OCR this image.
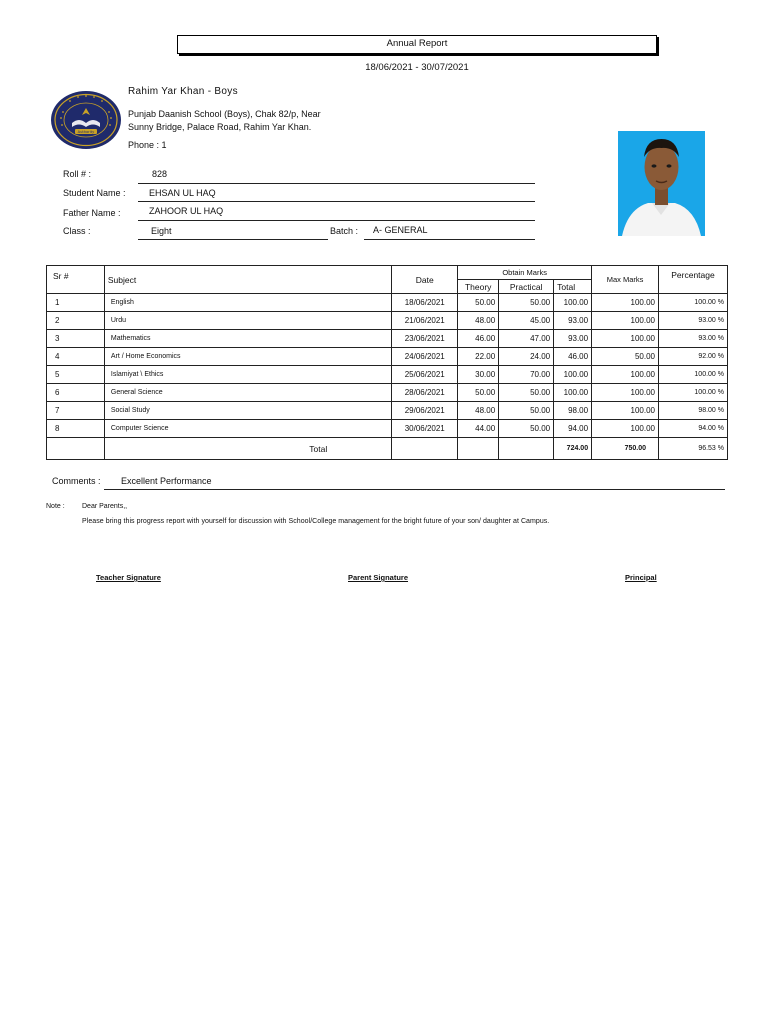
Annual Report
18/06/2021 - 30/07/2021
Authority
Rahim Yar Khan - Boys
Punjab Daanish School (Boys), Chak 82/p, Near Sunny Bridge, Palace Road, Rahim Yar Khan.
Phone : 1
Roll # :	828
Student Name :	EHSAN UL HAQ
Father Name :	ZAHOOR UL HAQ
Class :	Eight	Batch : A- GENERAL
Sr #	Subject	Date	Obtain Marks			Max Marks	Percentage
			Theory	Practical	Total		
1	English	18/06/2021	50.00	50.00	100.00	100.00	100.00 %
2	Urdu	21/06/2021	48.00	45.00	93.00	100.00	93.00 %
3	Mathematics	23/06/2021	46.00	47.00	93.00	100.00	93.00 %
4	Art / Home Economics	24/06/2021	22.00	24.00	46.00	50.00	92.00 %
5	Islamiyat \ Ethics	25/06/2021	30.00	70.00	100.00	100.00	100.00 %
6	General Science	28/06/2021	50.00	50.00	100.00	100.00	100.00 %
7	Social Study	29/06/2021	48.00	50.00	98.00	100.00	98.00 %
8	Computer Science	30/06/2021	44.00	50.00	94.00	100.00	94.00 %
	Total				724.00	750.00	96.53 %
Comments : Excellent Performance
Note : Dear Parents,,
Please bring this progress report with yourself for discussion with School/College management for the bright future of your son/ daughter at Campus.
Teacher Signature	Parent Signature	Principal
